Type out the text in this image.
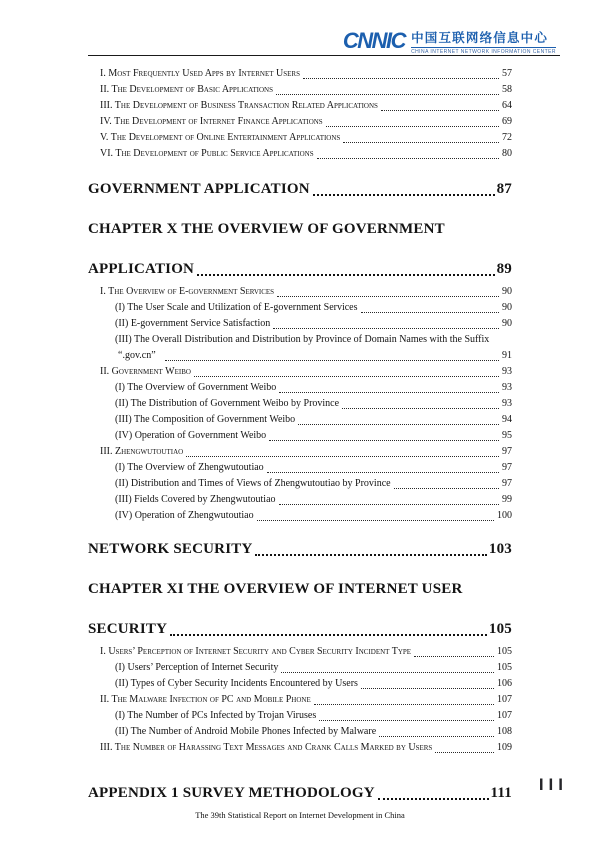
CNNIC 中国互联网络信息中心
CHINA INTERNET NETWORK INFORMATION CENTER
I. Most Frequently Used Apps by Internet Users	57
II. The Development of Basic Applications	58
III. The Development of Business Transaction Related Applications	64
IV. The Development of Internet Finance Applications	69
V. The Development of Online Entertainment Applications	72
VI. The Development of Public Service Applications	80
GOVERNMENT APPLICATION	87
CHAPTER X THE OVERVIEW OF GOVERNMENT
APPLICATION	89
I. The Overview of E-government Services	90
(I) The User Scale and Utilization of E-government Services	90
(II) E-government Service Satisfaction	90
(III) The Overall Distribution and Distribution by Province of Domain Names with the Suffix
“.gov.cn”	91
II. Government Weibo	93
(I) The Overview of Government Weibo	93
(II) The Distribution of Government Weibo by Province	93
(III) The Composition of Government Weibo	94
(IV) Operation of Government Weibo	95
III. Zhengwutoutiao	97
(I) The Overview of Zhengwutoutiao	97
(II) Distribution and Times of Views of Zhengwutoutiao by Province	97
(III) Fields Covered by Zhengwutoutiao	99
(IV) Operation of Zhengwutoutiao	100
NETWORK SECURITY	103
CHAPTER XI THE OVERVIEW OF INTERNET USER
SECURITY	105
I. Users’ Perception of Internet Security and Cyber Security Incident Type	105
(I) Users’ Perception of Internet Security	105
(II) Types of Cyber Security Incidents Encountered by Users	106
II. The Malware Infection of PC and Mobile Phone	107
(I) The Number of PCs Infected by Trojan Viruses	107
(II) The Number of Android Mobile Phones Infected by Malware	108
III. The Number of Harassing Text Messages and Crank Calls Marked by Users	109
APPENDIX 1 SURVEY METHODOLOGY	111
The 39th Statistical Report on Internet Development in China
III
